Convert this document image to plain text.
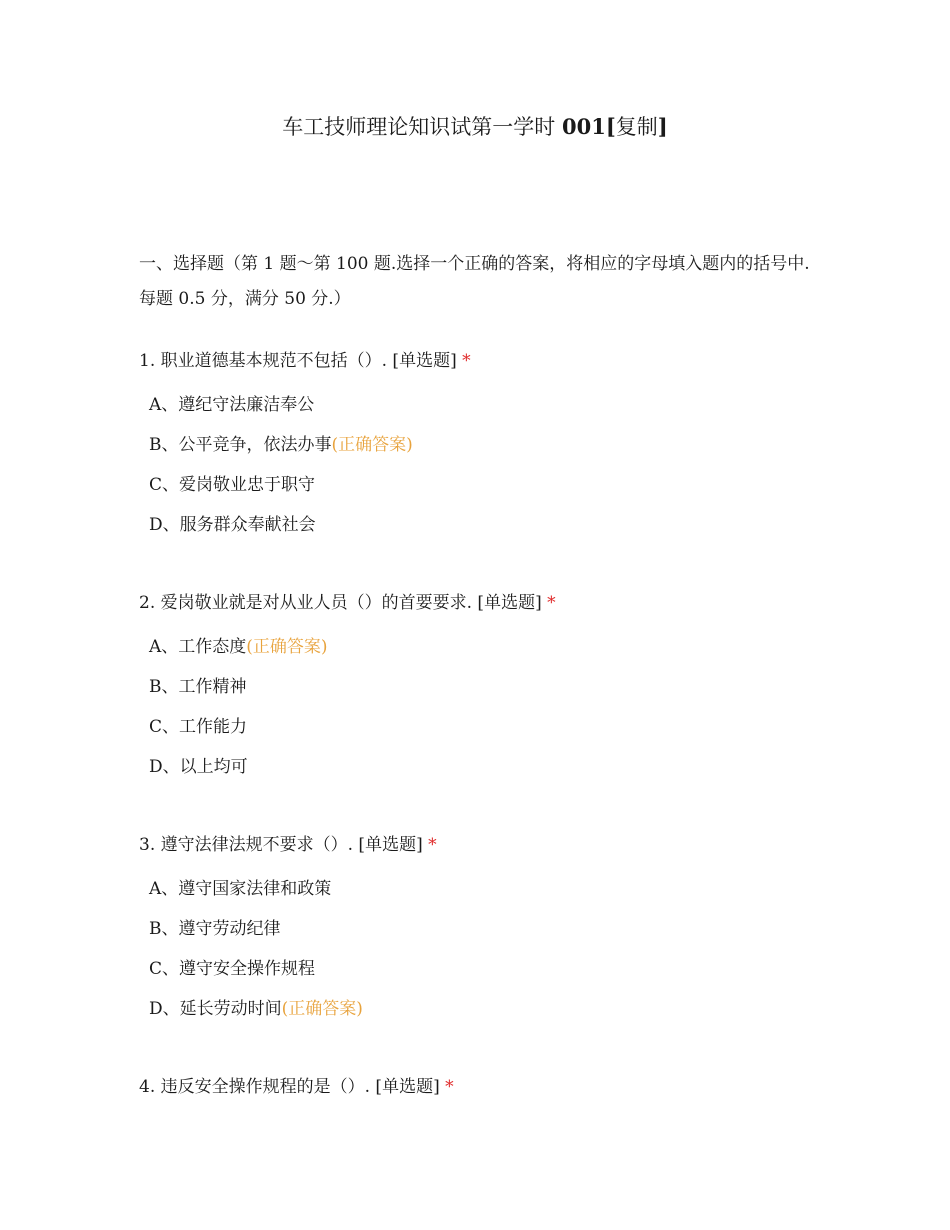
车工技师理论知识试第一学时 001[复制]

一、选择题（第 1 题～第 100 题.选择一个正确的答案，将相应的字母填入题内的括号中.每题 0.5 分，满分 50 分.）

1. 职业道德基本规范不包括（）. [单选题] *

A、遵纪守法廉洁奉公
B、公平竞争，依法办事(正确答案)
C、爱岗敬业忠于职守
D、服务群众奉献社会

2. 爱岗敬业就是对从业人员（）的首要要求. [单选题] *

A、工作态度(正确答案)
B、工作精神
C、工作能力
D、以上均可

3. 遵守法律法规不要求（）. [单选题] *

A、遵守国家法律和政策
B、遵守劳动纪律
C、遵守安全操作规程
D、延长劳动时间(正确答案)

4. 违反安全操作规程的是（）. [单选题] *
